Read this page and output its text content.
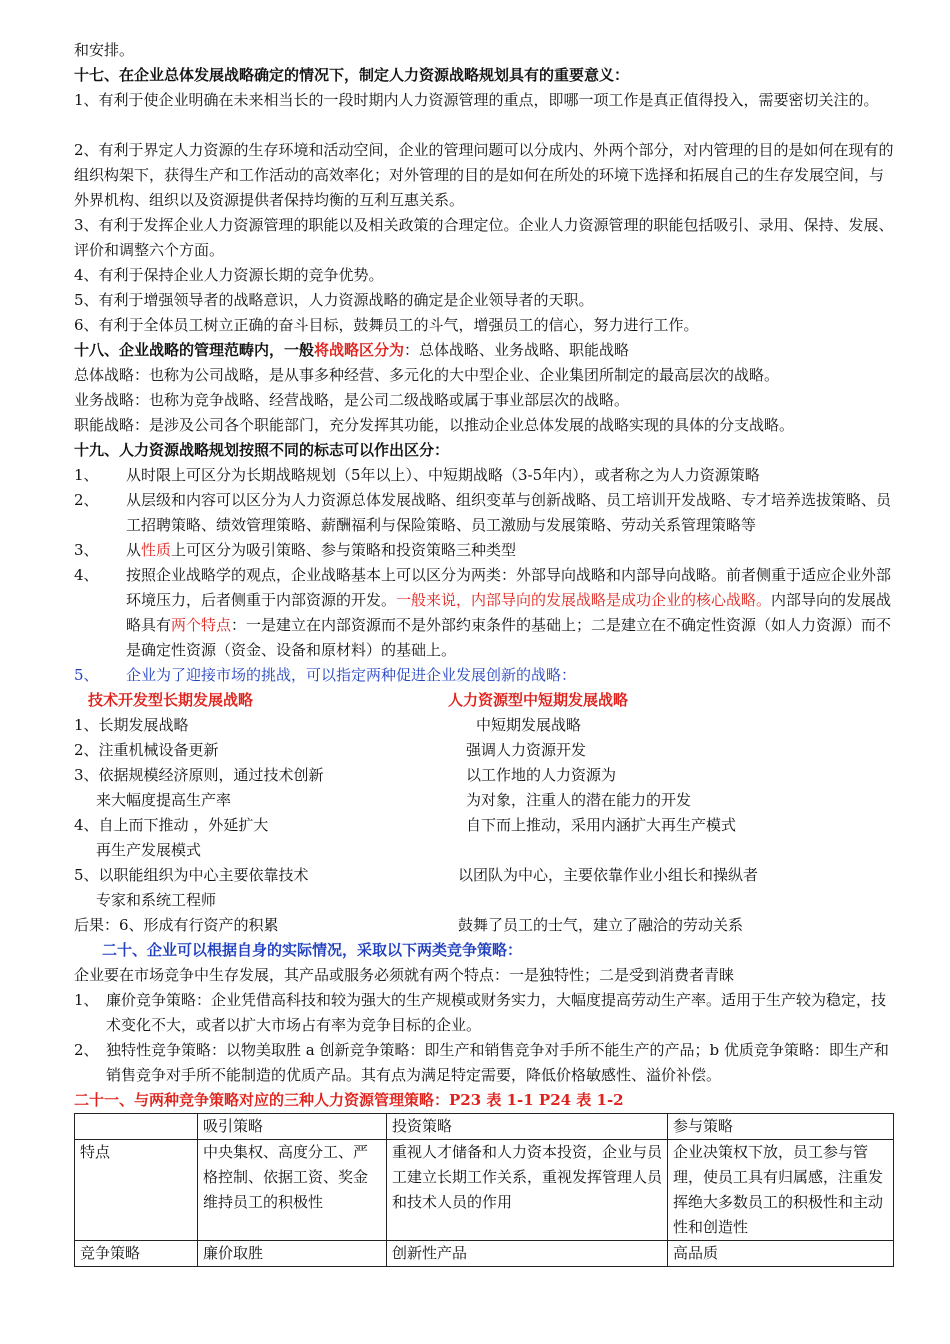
和安排。
十七、在企业总体发展战略确定的情况下，制定人力资源战略规划具有的重要意义：
1、有利于使企业明确在未来相当长的一段时期内人力资源管理的重点，即哪一项工作是真正值得投入，需要密切关注的。
2、有利于界定人力资源的生存环境和活动空间，企业的管理问题可以分成内、外两个部分，对内管理的目的是如何在现有的组织构架下，获得生产和工作活动的高效率化；对外管理的目的是如何在所处的环境下选择和拓展自己的生存发展空间，与外界机构、组织以及资源提供者保持均衡的互利互惠关系。
3、有利于发挥企业人力资源管理的职能以及相关政策的合理定位。企业人力资源管理的职能包括吸引、录用、保持、发展、评价和调整六个方面。
4、有利于保持企业人力资源长期的竞争优势。
5、有利于增强领导者的战略意识，人力资源战略的确定是企业领导者的天职。
6、有利于全体员工树立正确的奋斗目标，鼓舞员工的斗气，增强员工的信心，努力进行工作。
十八、企业战略的管理范畴内，一般将战略区分为：总体战略、业务战略、职能战略
总体战略：也称为公司战略，是从事多种经营、多元化的大中型企业、企业集团所制定的最高层次的战略。
业务战略：也称为竞争战略、经营战略，是公司二级战略或属于事业部层次的战略。
职能战略：是涉及公司各个职能部门，充分发挥其功能，以推动企业总体发展的战略实现的具体的分支战略。
十九、人力资源战略规划按照不同的标志可以作出区分：
1、 从时限上可区分为长期战略规划（5年以上）、中短期战略（3-5年内），或者称之为人力资源策略
2、 从层级和内容可以区分为人力资源总体发展战略、组织变革与创新战略、员工培训开发战略、专才培养选拔策略、员工招聘策略、绩效管理策略、薪酬福利与保险策略、员工激励与发展策略、劳动关系管理策略等
3、 从性质上可区分为吸引策略、参与策略和投资策略三种类型
4、 按照企业战略学的观点，企业战略基本上可以区分为两类：外部导向战略和内部导向战略。前者侧重于适应企业外部环境压力，后者侧重于内部资源的开发。一般来说，内部导向的发展战略是成功企业的核心战略。内部导向的发展战略具有两个特点：一是建立在内部资源而不是外部约束条件的基础上；二是建立在不确定性资源（如人力资源）而不是确定性资源（资金、设备和原材料）的基础上。
5、 企业为了迎接市场的挑战，可以指定两种促进企业发展创新的战略：
技术开发型长期发展战略	人力资源型中短期发展战略
1、长期发展战略	中短期发展战略
2、注重机械设备更新	强调人力资源开发
3、依据规模经济原则，通过技术创新	以工作地的人力资源为
来大幅度提高生产率	为对象，注重人的潜在能力的开发
4、自上而下推动 ，外延扩大	自下而上推动，采用内涵扩大再生产模式
再生产发展模式
5、以职能组织为中心主要依靠技术	以团队为中心，主要依靠作业小组长和操纵者
专家和系统工程师
后果：6、形成有行资产的积累	鼓舞了员工的士气，建立了融洽的劳动关系
二十、企业可以根据自身的实际情况，采取以下两类竞争策略：
企业要在市场竞争中生存发展，其产品或服务必须就有两个特点：一是独特性；二是受到消费者青睐
1、 廉价竞争策略：企业凭借高科技和较为强大的生产规模或财务实力，大幅度提高劳动生产率。适用于生产较为稳定，技术变化不大，或者以扩大市场占有率为竞争目标的企业。
2、 独特性竞争策略：以物美取胜 a 创新竞争策略：即生产和销售竞争对手所不能生产的产品；b 优质竞争策略：即生产和销售竞争对手所不能制造的优质产品。其有点为满足特定需要，降低价格敏感性、溢价补偿。
二十一、与两种竞争策略对应的三种人力资源管理策略：P23 表 1-1 P24 表 1-2
	吸引策略	投资策略	参与策略
特点	中央集权、高度分工、严格控制、依据工资、奖金维持员工的积极性	重视人才储备和人力资本投资，企业与员工建立长期工作关系，重视发挥管理人员和技术人员的作用	企业决策权下放，员工参与管理，使员工具有归属感，注重发挥绝大多数员工的积极性和主动性和创造性
竞争策略	廉价取胜	创新性产品	高品质
